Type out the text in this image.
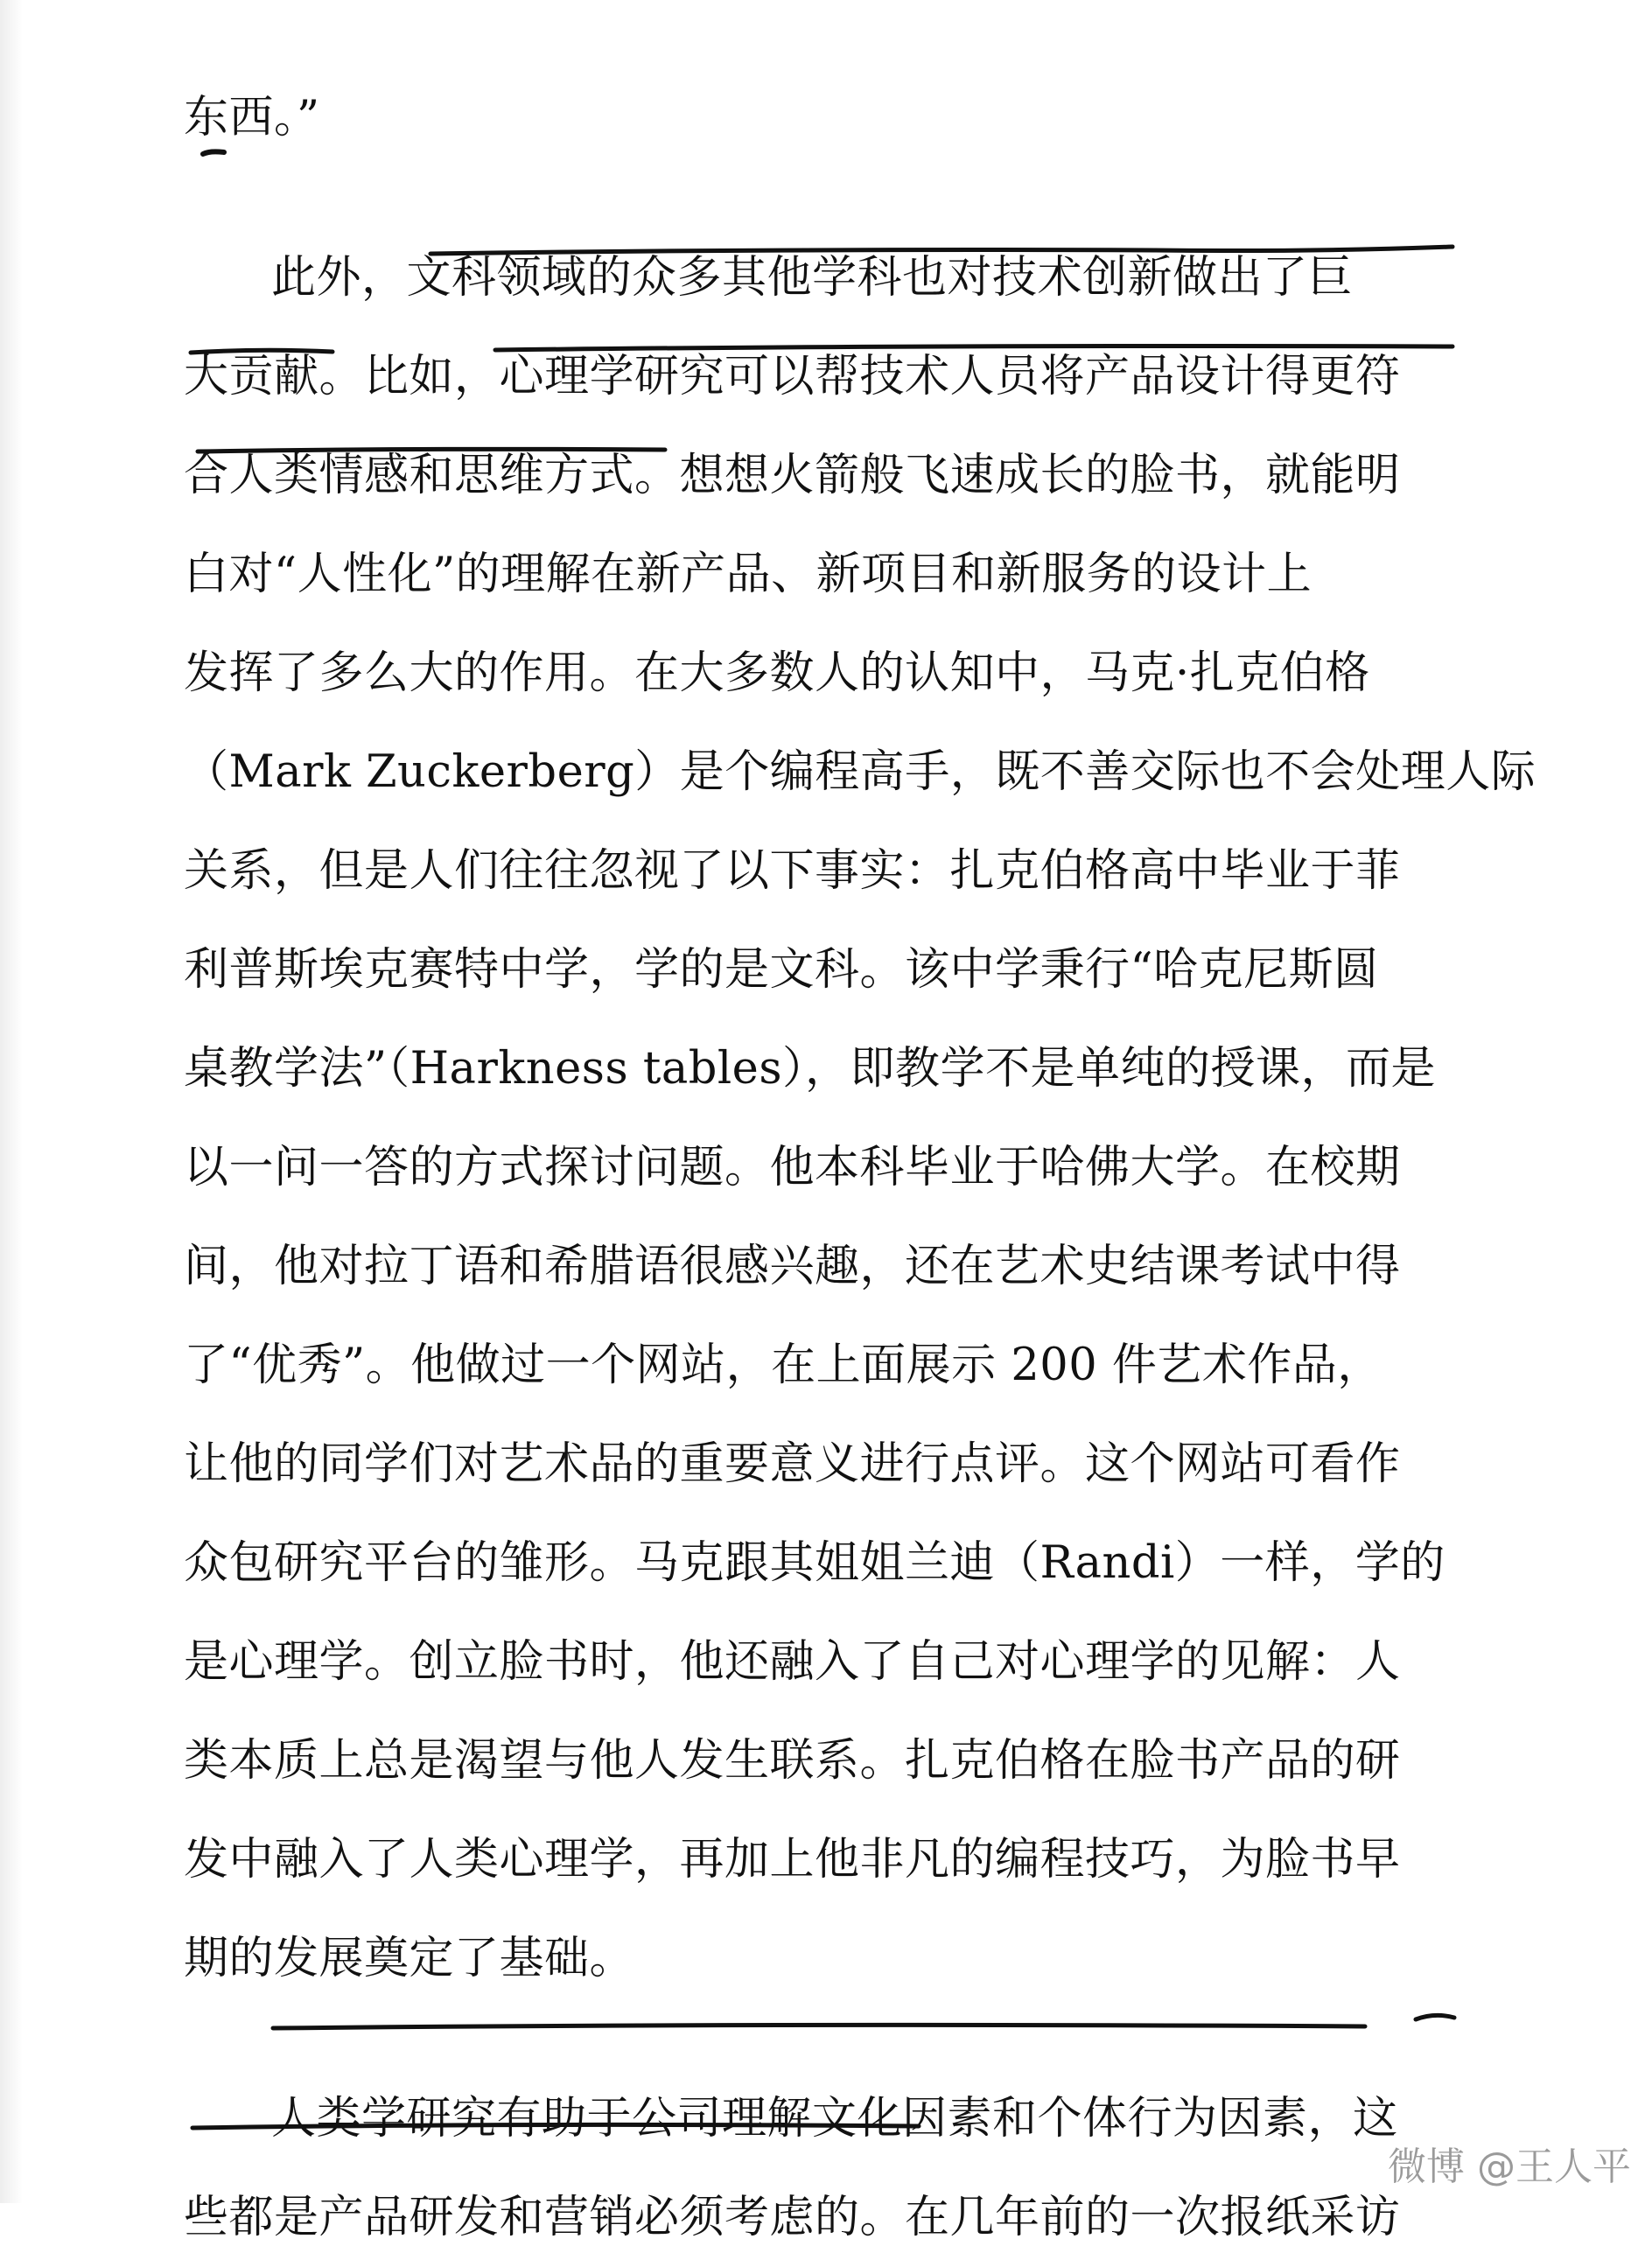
东西。”
此外，文科领域的众多其他学科也对技术创新做出了巨
大贡献。比如，心理学研究可以帮技术人员将产品设计得更符
合人类情感和思维方式。想想火箭般飞速成长的脸书，就能明
白对“人性化”的理解在新产品、新项目和新服务的设计上
发挥了多么大的作用。在大多数人的认知中，马克·扎克伯格
（Mark Zuckerberg）是个编程高手，既不善交际也不会处理人际
关系，但是人们往往忽视了以下事实：扎克伯格高中毕业于菲
利普斯埃克赛特中学，学的是文科。该中学秉行“哈克尼斯圆
桌教学法”（Harkness tables），即教学不是单纯的授课，而是
以一问一答的方式探讨问题。他本科毕业于哈佛大学。在校期
间，他对拉丁语和希腊语很感兴趣，还在艺术史结课考试中得
了“优秀”。他做过一个网站，在上面展示 200 件艺术作品，
让他的同学们对艺术品的重要意义进行点评。这个网站可看作
众包研究平台的雏形。马克跟其姐姐兰迪（Randi）一样，学的
是心理学。创立脸书时，他还融入了自己对心理学的见解：人
类本质上总是渴望与他人发生联系。扎克伯格在脸书产品的研
发中融入了人类心理学，再加上他非凡的编程技巧，为脸书早
期的发展奠定了基础。
人类学研究有助于公司理解文化因素和个体行为因素，这
些都是产品研发和营销必须考虑的。在几年前的一次报纸采访
微博 @王人平
